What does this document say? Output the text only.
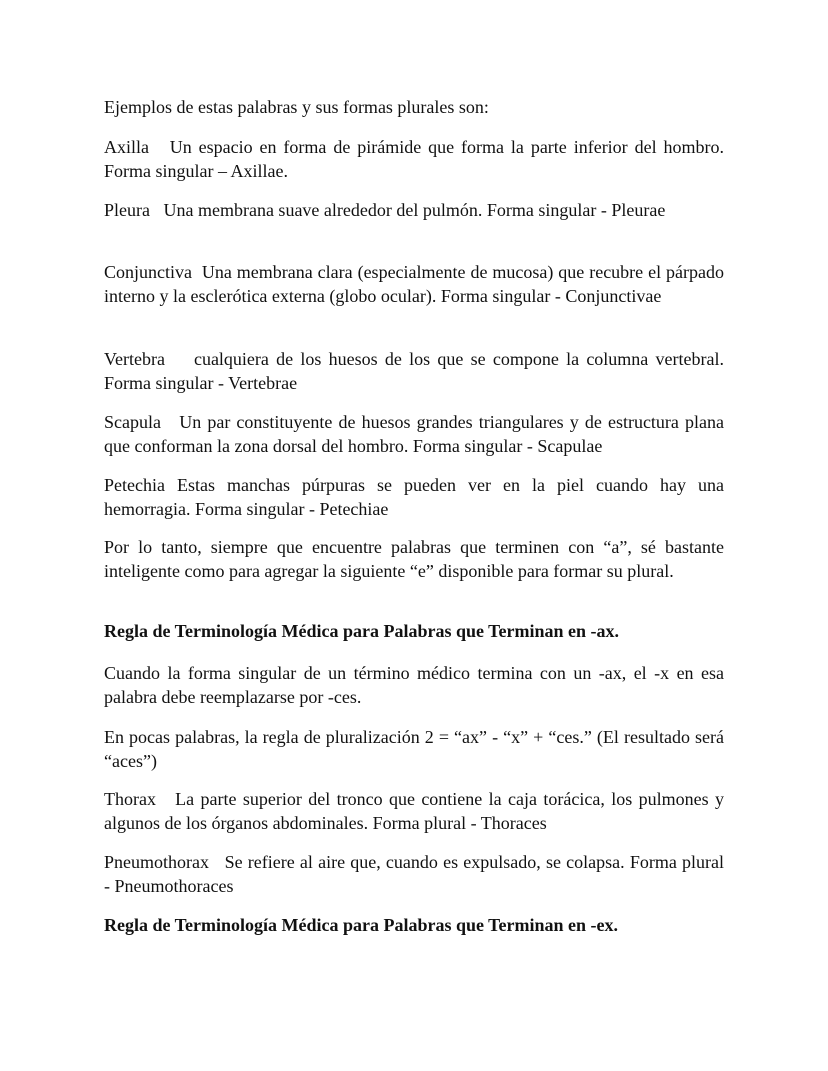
Ejemplos de estas palabras y sus formas plurales son:

Axilla   Un espacio en forma de pirámide que forma la parte inferior del hombro. Forma singular – Axillae.

Pleura   Una membrana suave alrededor del pulmón. Forma singular - Pleurae

Conjunctiva  Una membrana clara (especialmente de mucosa) que recubre el párpado interno y la esclerótica externa (globo ocular). Forma singular - Conjunctivae

Vertebra    cualquiera de los huesos de los que se compone la columna vertebral. Forma singular - Vertebrae

Scapula   Un par constituyente de huesos grandes triangulares y de estructura plana que conforman la zona dorsal del hombro. Forma singular - Scapulae

Petechia Estas manchas púrpuras se pueden ver en la piel cuando hay una hemorragia. Forma singular - Petechiae

Por lo tanto, siempre que encuentre palabras que terminen con “a”, sé bastante inteligente como para agregar la siguiente “e” disponible para formar su plural.

Regla de Terminología Médica para Palabras que Terminan en -ax.

Cuando la forma singular de un término médico termina con un -ax, el -x en esa palabra debe reemplazarse por -ces.

En pocas palabras, la regla de pluralización 2 = “ax” - “x” + “ces.” (El resultado será “aces”)

Thorax   La parte superior del tronco que contiene la caja torácica, los pulmones y algunos de los órganos abdominales. Forma plural - Thoraces

Pneumothorax   Se refiere al aire que, cuando es expulsado, se colapsa. Forma plural - Pneumothoraces

Regla de Terminología Médica para Palabras que Terminan en -ex.
